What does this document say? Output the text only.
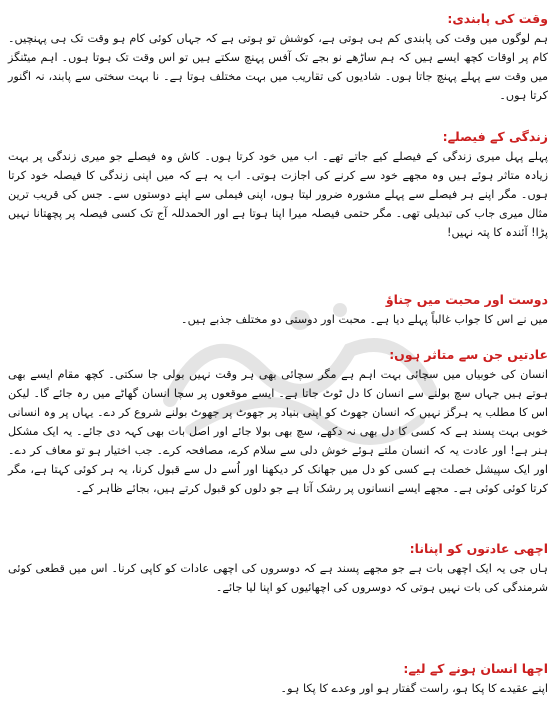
وقت کی پابندی:

ہم لوگوں میں وقت کی پابندی کم ہی ہوتی ہے، کوشش تو ہوتی ہے کہ جہاں کوئی کام ہو وقت تک ہی پہنچیں۔ کام پر اوقات کچھ ایسے ہیں کہ ہم ساڑھے نو بجے تک آفس پہنچ سکتے ہیں تو اس وقت تک ہوتا ہوں۔ اہم میٹنگز میں وقت سے پہلے پہنچ جاتا ہوں۔ شادیوں کی تقاریب میں بہت مختلف ہوتا ہے۔ نا بہت سختی سے پابند، نہ اگنور کرتا ہوں۔

زندگی کے فیصلے:

پہلے پہل میری زندگی کے فیصلے کیے جاتے تھے۔ اب میں خود کرتا ہوں۔ کاش وہ فیصلے جو میری زندگی پر بہت زیادہ متاثر ہوئے ہیں وہ مجھے خود سے کرنے کی اجازت ہوتی۔ اب یہ ہے کہ میں اپنی زندگی کا فیصلہ خود کرتا ہوں۔ مگر اپنے ہر فیصلے سے پہلے مشورہ ضرور لیتا ہوں، اپنی فیملی سے اپنے دوستوں سے۔ جس کی قریب ترین مثال میری جاب کی تبدیلی تھی۔ مگر حتمی فیصلہ میرا اپنا ہوتا ہے اور الحمدللہ آج تک کسی فیصلہ پر پچھتانا نہیں پڑا! آئندہ کا پتہ نہیں!

دوست اور محبت میں چناؤ

میں نے اس کا جواب غالباً پہلے دیا ہے۔ محبت اور دوستی دو مختلف جذبے ہیں۔

عادتیں جن سے متاثر ہوں:

انسان کی خوبیاں میں سچائی بہت اہم ہے مگر سچائی بھی ہر وقت نہیں بولی جا سکتی۔ کچھ مقام ایسے بھی ہوتے ہیں جہاں سچ بولنے سے انسان کا دل ٹوٹ جاتا ہے۔ ایسے موقعوں پر سچا انسان گھاٹے میں رہ جائے گا۔ لیکن اس کا مطلب یہ ہرگز نہیں کہ انسان جھوٹ کو اپنی بنیاد پر جھوٹ پر جھوٹ بولنے شروع کر دے۔ یہاں پر وہ انسانی خوبی بہت پسند ہے کہ کسی کا دل بھی نہ دکھے، سچ بھی بولا جائے اور اصل بات بھی کہہ دی جائے۔ یہ ایک مشکل ہنر ہے! اور عادت یہ کہ انسان ملتے ہوئے خوش دلی سے سلام کرے، مصافحہ کرے۔ جب اختیار ہو تو معاف کر دے۔ اور ایک سپیشل خصلت ہے کسی کو دل میں جھانک کر دیکھنا اور اُسے دل سے قبول کرنا، یہ ہر کوئی کہتا ہے، مگر کرتا کوئی کوئی ہے۔ مجھے ایسے انسانوں پر رشک آتا ہے جو دلوں کو قبول کرتے ہیں، بجائے ظاہر کے۔

اچھی عادتوں کو اپنانا:

ہاں جی یہ ایک اچھی بات ہے جو مجھے پسند ہے کہ دوسروں کی اچھی عادات کو کاپی کرنا۔ اس میں قطعی کوئی شرمندگی کی بات نہیں ہوتی کہ دوسروں کی اچھائیوں کو اپنا لیا جائے۔

اچھا انسان ہونے کے لیے:

اپنے عقیدے کا پکا ہو، راست گفتار ہو اور وعدے کا پکا ہو۔
